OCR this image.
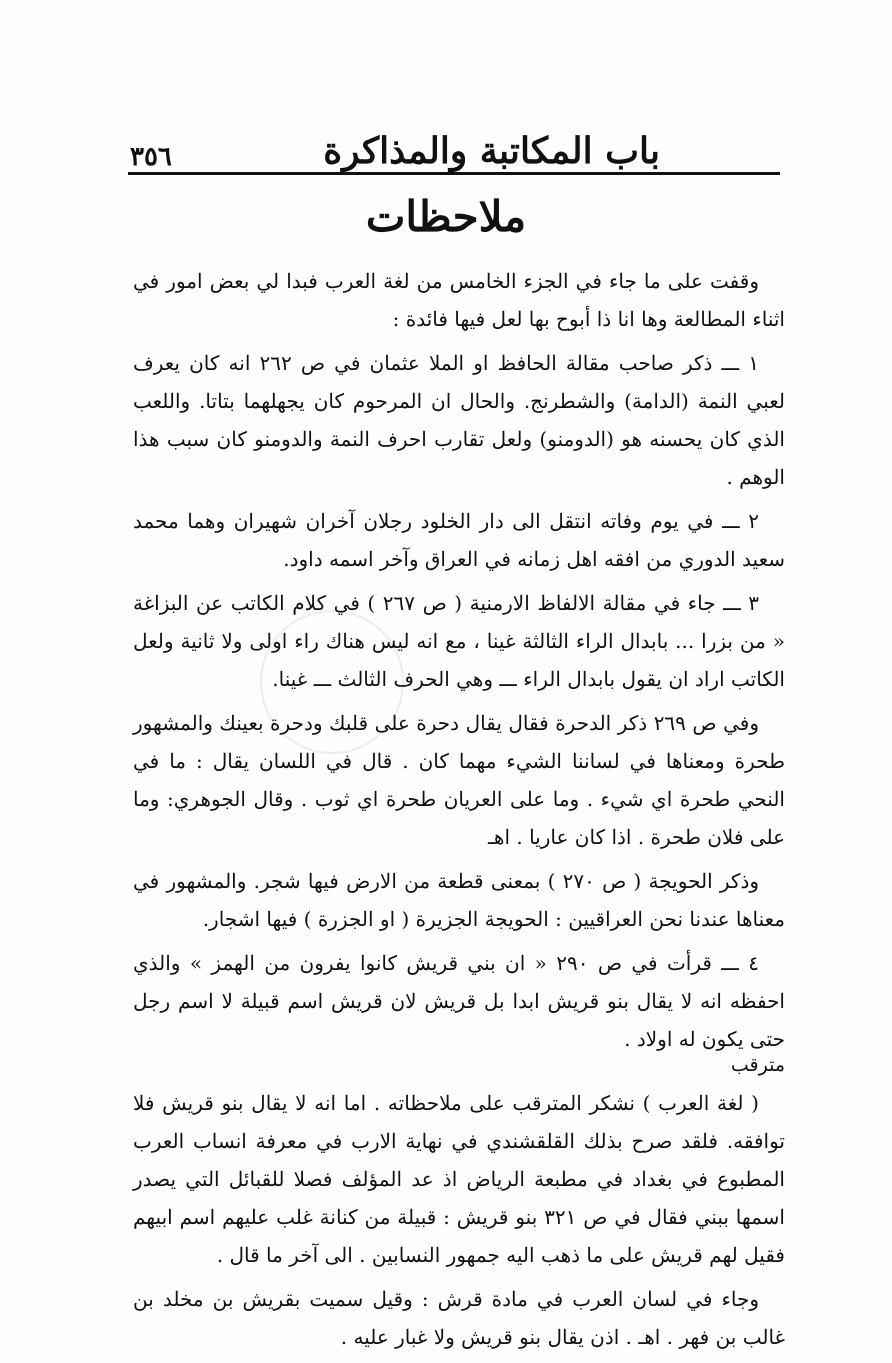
باب المكاتبة والمذاكرة
٣٥٦
ملاحظات

وقفت على ما جاء في الجزء الخامس من لغة العرب فبدا لي بعض امور في اثناء المطالعة وها انا ذا أبوح بها لعل فيها فائدة :

١ ـــ ذكر صاحب مقالة الحافظ او الملا عثمان في ص ٢٦٢ انه كان يعرف لعبي النمة (الدامة) والشطرنج. والحال ان المرحوم كان يجهلهما بتاتا. واللعب الذي كان يحسنه هو (الدومنو) ولعل تقارب احرف النمة والدومنو كان سبب هذا الوهم .

٢ ـــ في يوم وفاته انتقل الى دار الخلود رجلان آخران شهيران وهما محمد سعيد الدوري من افقه اهل زمانه في العراق وآخر اسمه داود.

٣ ـــ جاء في مقالة الالفاظ الارمنية ( ص ٢٦٧ ) في كلام الكاتب عن البزاغة « من بزرا ... بابدال الراء الثالثة غينا ، مع انه ليس هناك راء اولى ولا ثانية ولعل الكاتب اراد ان يقول بابدال الراء ـــ وهي الحرف الثالث ـــ غينا.

وفي ص ٢٦٩ ذكر الدحرة فقال يقال دحرة على قلبك ودحرة بعينك والمشهور طحرة ومعناها في لساننا الشيء مهما كان . قال في اللسان يقال : ما في النحي طحرة اي شيء . وما على العريان طحرة اي ثوب . وقال الجوهري: وما على فلان طحرة . اذا كان عاريا . اهـ

وذكر الحويجة ( ص ٢٧٠ ) بمعنى قطعة من الارض فيها شجر. والمشهور في معناها عندنا نحن العراقيين : الحويجة الجزيرة ( او الجزرة ) فيها اشجار.

٤ ـــ قرأت في ص ٢٩٠ « ان بني قريش كانوا يفرون من الهمز » والذي احفظه انه لا يقال بنو قريش ابدا بل قريش لان قريش اسم قبيلة لا اسم رجل حتى يكون له اولاد .

مترقب

( لغة العرب ) نشكر المترقب على ملاحظاته . اما انه لا يقال بنو قريش فلا توافقه. فلقد صرح بذلك القلقشندي في نهاية الارب في معرفة انساب العرب المطبوع في بغداد في مطبعة الرياض اذ عد المؤلف فصلا للقبائل التي يصدر اسمها ببني فقال في ص ٣٢١ بنو قريش : قبيلة من كنانة غلب عليهم اسم ابيهم فقيل لهم قريش على ما ذهب اليه جمهور النسابين . الى آخر ما قال .

وجاء في لسان العرب في مادة قرش : وقيل سميت بقريش بن مخلد بن غالب بن فهر . اهـ . اذن يقال بنو قريش ولا غبار عليه .
